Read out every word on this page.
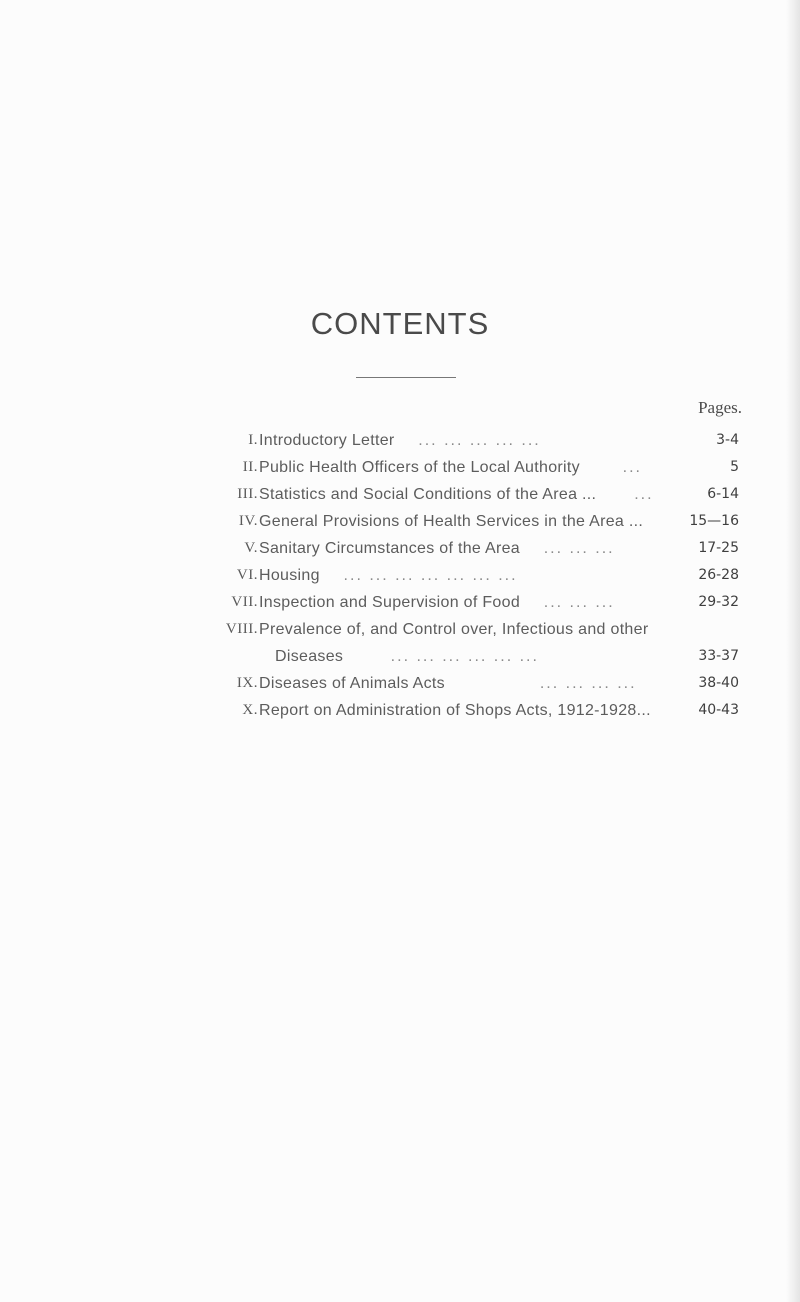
CONTENTS
Pages.
I. Introductory Letter ... ... ... ... ...	3-4
II. Public Health Officers of the Local Authority	...	5
III. Statistics and Social Conditions of the Area ... ...	6-14
IV. General Provisions of Health Services in the Area ...	15—16
V. Sanitary Circumstances of the Area ... ... ...	17-25
VI. Housing ... ... ... ... ... ... ...	26-28
VII. Inspection and Supervision of Food ... ... ...	29-32
VIII. Prevalence of, and Control over, Infectious and other
Diseases	... ... ... ... ... ...	33-37
IX. Diseases of Animals Acts	... ... ... ...	38-40
X. Report on Administration of Shops Acts, 1912-1928...	40-43
